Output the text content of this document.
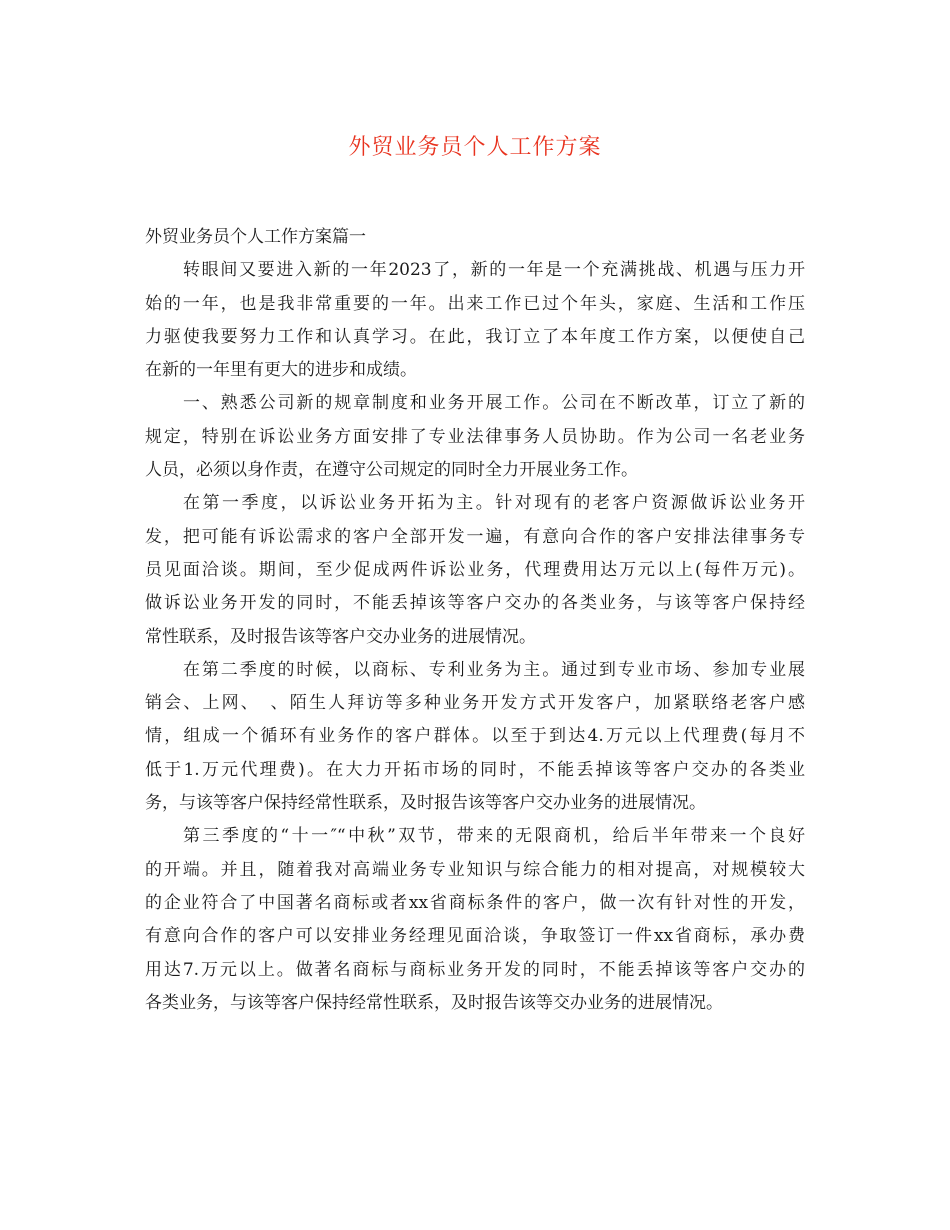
外贸业务员个人工作方案
外贸业务员个人工作方案篇一
转眼间又要进入新的一年2023了，新的一年是一个充满挑战、机遇与压力开
始的一年，也是我非常重要的一年。出来工作已过个年头，家庭、生活和工作压
力驱使我要努力工作和认真学习。在此，我订立了本年度工作方案，以便使自己
在新的一年里有更大的进步和成绩。
一、熟悉公司新的规章制度和业务开展工作。公司在不断改革，订立了新的
规定，特别在诉讼业务方面安排了专业法律事务人员协助。作为公司一名老业务
人员，必须以身作责，在遵守公司规定的同时全力开展业务工作。
在第一季度，以诉讼业务开拓为主。针对现有的老客户资源做诉讼业务开
发，把可能有诉讼需求的客户全部开发一遍，有意向合作的客户安排法律事务专
员见面洽谈。期间，至少促成两件诉讼业务，代理费用达万元以上(每件万元)。
做诉讼业务开发的同时，不能丢掉该等客户交办的各类业务，与该等客户保持经
常性联系，及时报告该等客户交办业务的进展情况。
在第二季度的时候，以商标、专利业务为主。通过到专业市场、参加专业展
销会、上网、　、陌生人拜访等多种业务开发方式开发客户，加紧联络老客户感
情，组成一个循环有业务作的客户群体。以至于到达4.万元以上代理费(每月不
低于1.万元代理费)。在大力开拓市场的同时，不能丢掉该等客户交办的各类业
务，与该等客户保持经常性联系，及时报告该等客户交办业务的进展情况。
第三季度的“十一″“中秋”双节，带来的无限商机，给后半年带来一个良好
的开端。并且，随着我对高端业务专业知识与综合能力的相对提高，对规模较大
的企业符合了中国著名商标或者xx省商标条件的客户，做一次有针对性的开发，
有意向合作的客户可以安排业务经理见面洽谈，争取签订一件xx省商标，承办费
用达7.万元以上。做著名商标与商标业务开发的同时，不能丢掉该等客户交办的
各类业务，与该等客户保持经常性联系，及时报告该等交办业务的进展情况。
